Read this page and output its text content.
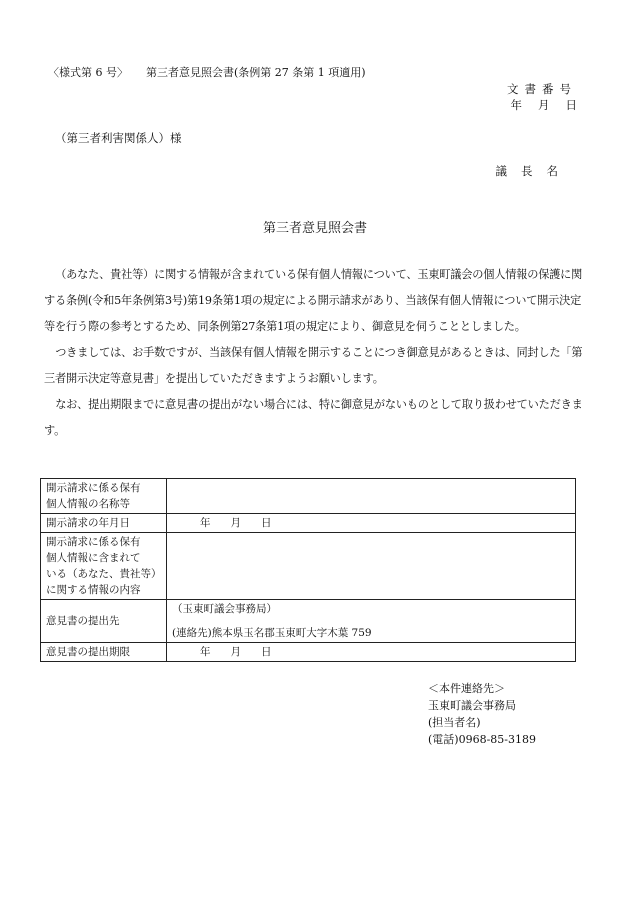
〈様式第 6 号〉 第三者意見照会書(条例第 27 条第 1 項適用)
文書番号
年 月 日
（第三者利害関係人）様
議長名
第三者意見照会書

（あなた、貴社等）に関する情報が含まれている保有個人情報について、玉東町議会の個人情報の保護に関する条例(令和5年条例第3号)第19条第1項の規定による開示請求があり、当該保有個人情報について開示決定等を行う際の参考とするため、同条例第27条第1項の規定により、御意見を伺うこととしました。

つきましては、お手数ですが、当該保有個人情報を開示することにつき御意見があるときは、同封した「第三者開示決定等意見書」を提出していただきますようお願いします。

なお、提出期限までに意見書の提出がない場合には、特に御意見がないものとして取り扱わせていただきます。

開示請求に係る保有
個人情報の名称等	

開示請求の年月日	年 月 日

開示請求に係る保有
個人情報に含まれて
いる（あなた、貴社等）
に関する情報の内容	

意見書の提出先	（玉東町議会事務局）
(連絡先)熊本県玉名郡玉東町大字木葉 759

意見書の提出期限	年 月 日
＜本件連絡先＞
玉東町議会事務局
(担当者名)
(電話)0968-85-3189
